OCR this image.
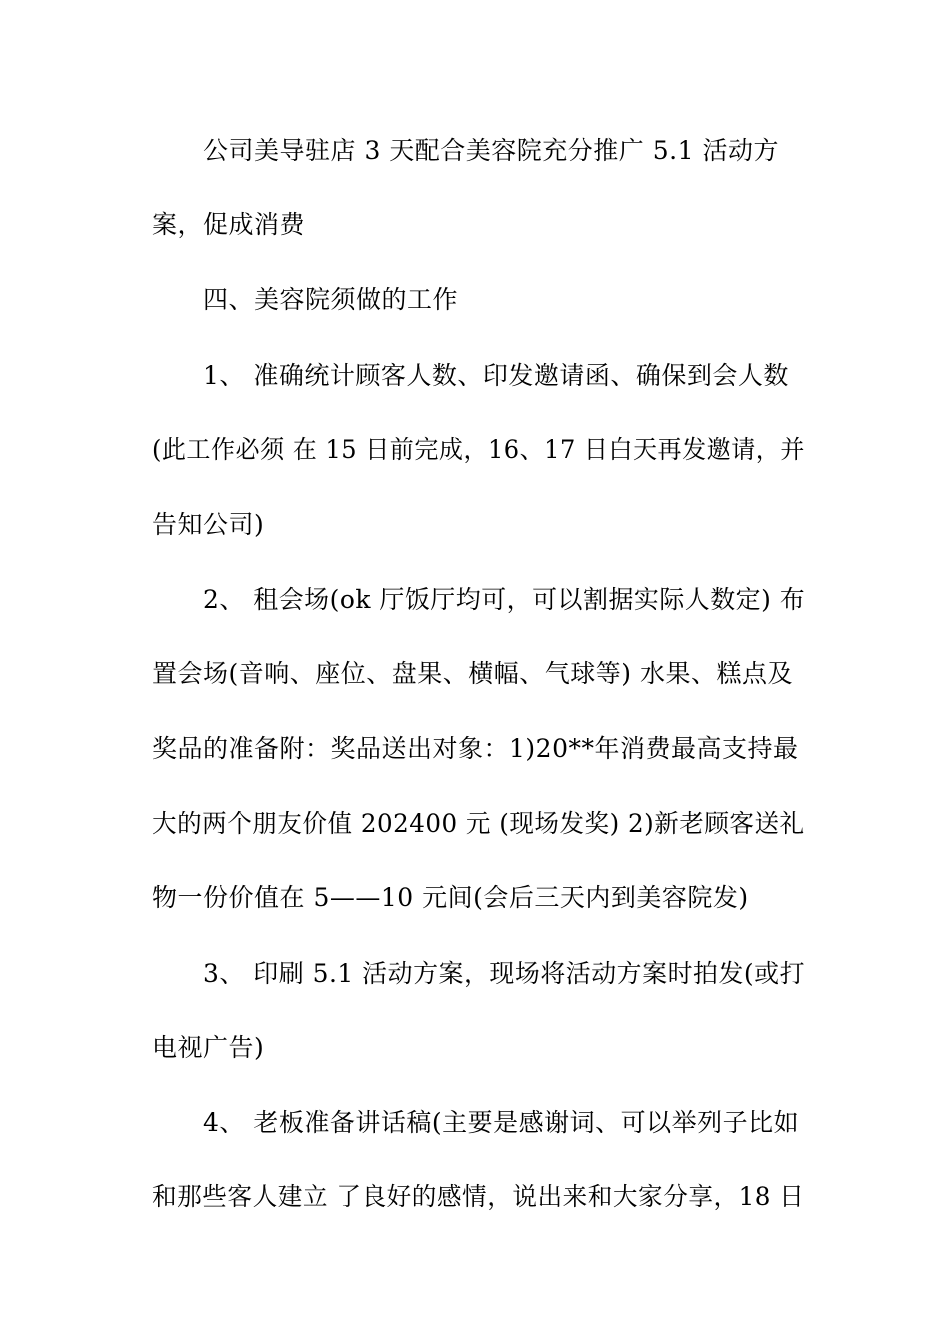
公司美导驻店 3 天配合美容院充分推广 5.1 活动方
案，促成消费
四、美容院须做的工作
1、 准确统计顾客人数、印发邀请函、确保到会人数
(此工作必须 在 15 日前完成，16、17 日白天再发邀请，并
告知公司)
2、 租会场(ok 厅饭厅均可，可以割据实际人数定) 布
置会场(音响、座位、盘果、横幅、气球等) 水果、糕点及
奖品的准备附：奖品送出对象：1)20**年消费最高支持最
大的两个朋友价值 202400 元 (现场发奖) 2)新老顾客送礼
物一份价值在 5——10 元间(会后三天内到美容院发)
3、 印刷 5.1 活动方案，现场将活动方案时拍发(或打
电视广告)
4、 老板准备讲话稿(主要是感谢词、可以举列子比如
和那些客人建立 了良好的感情，说出来和大家分享，18 日
